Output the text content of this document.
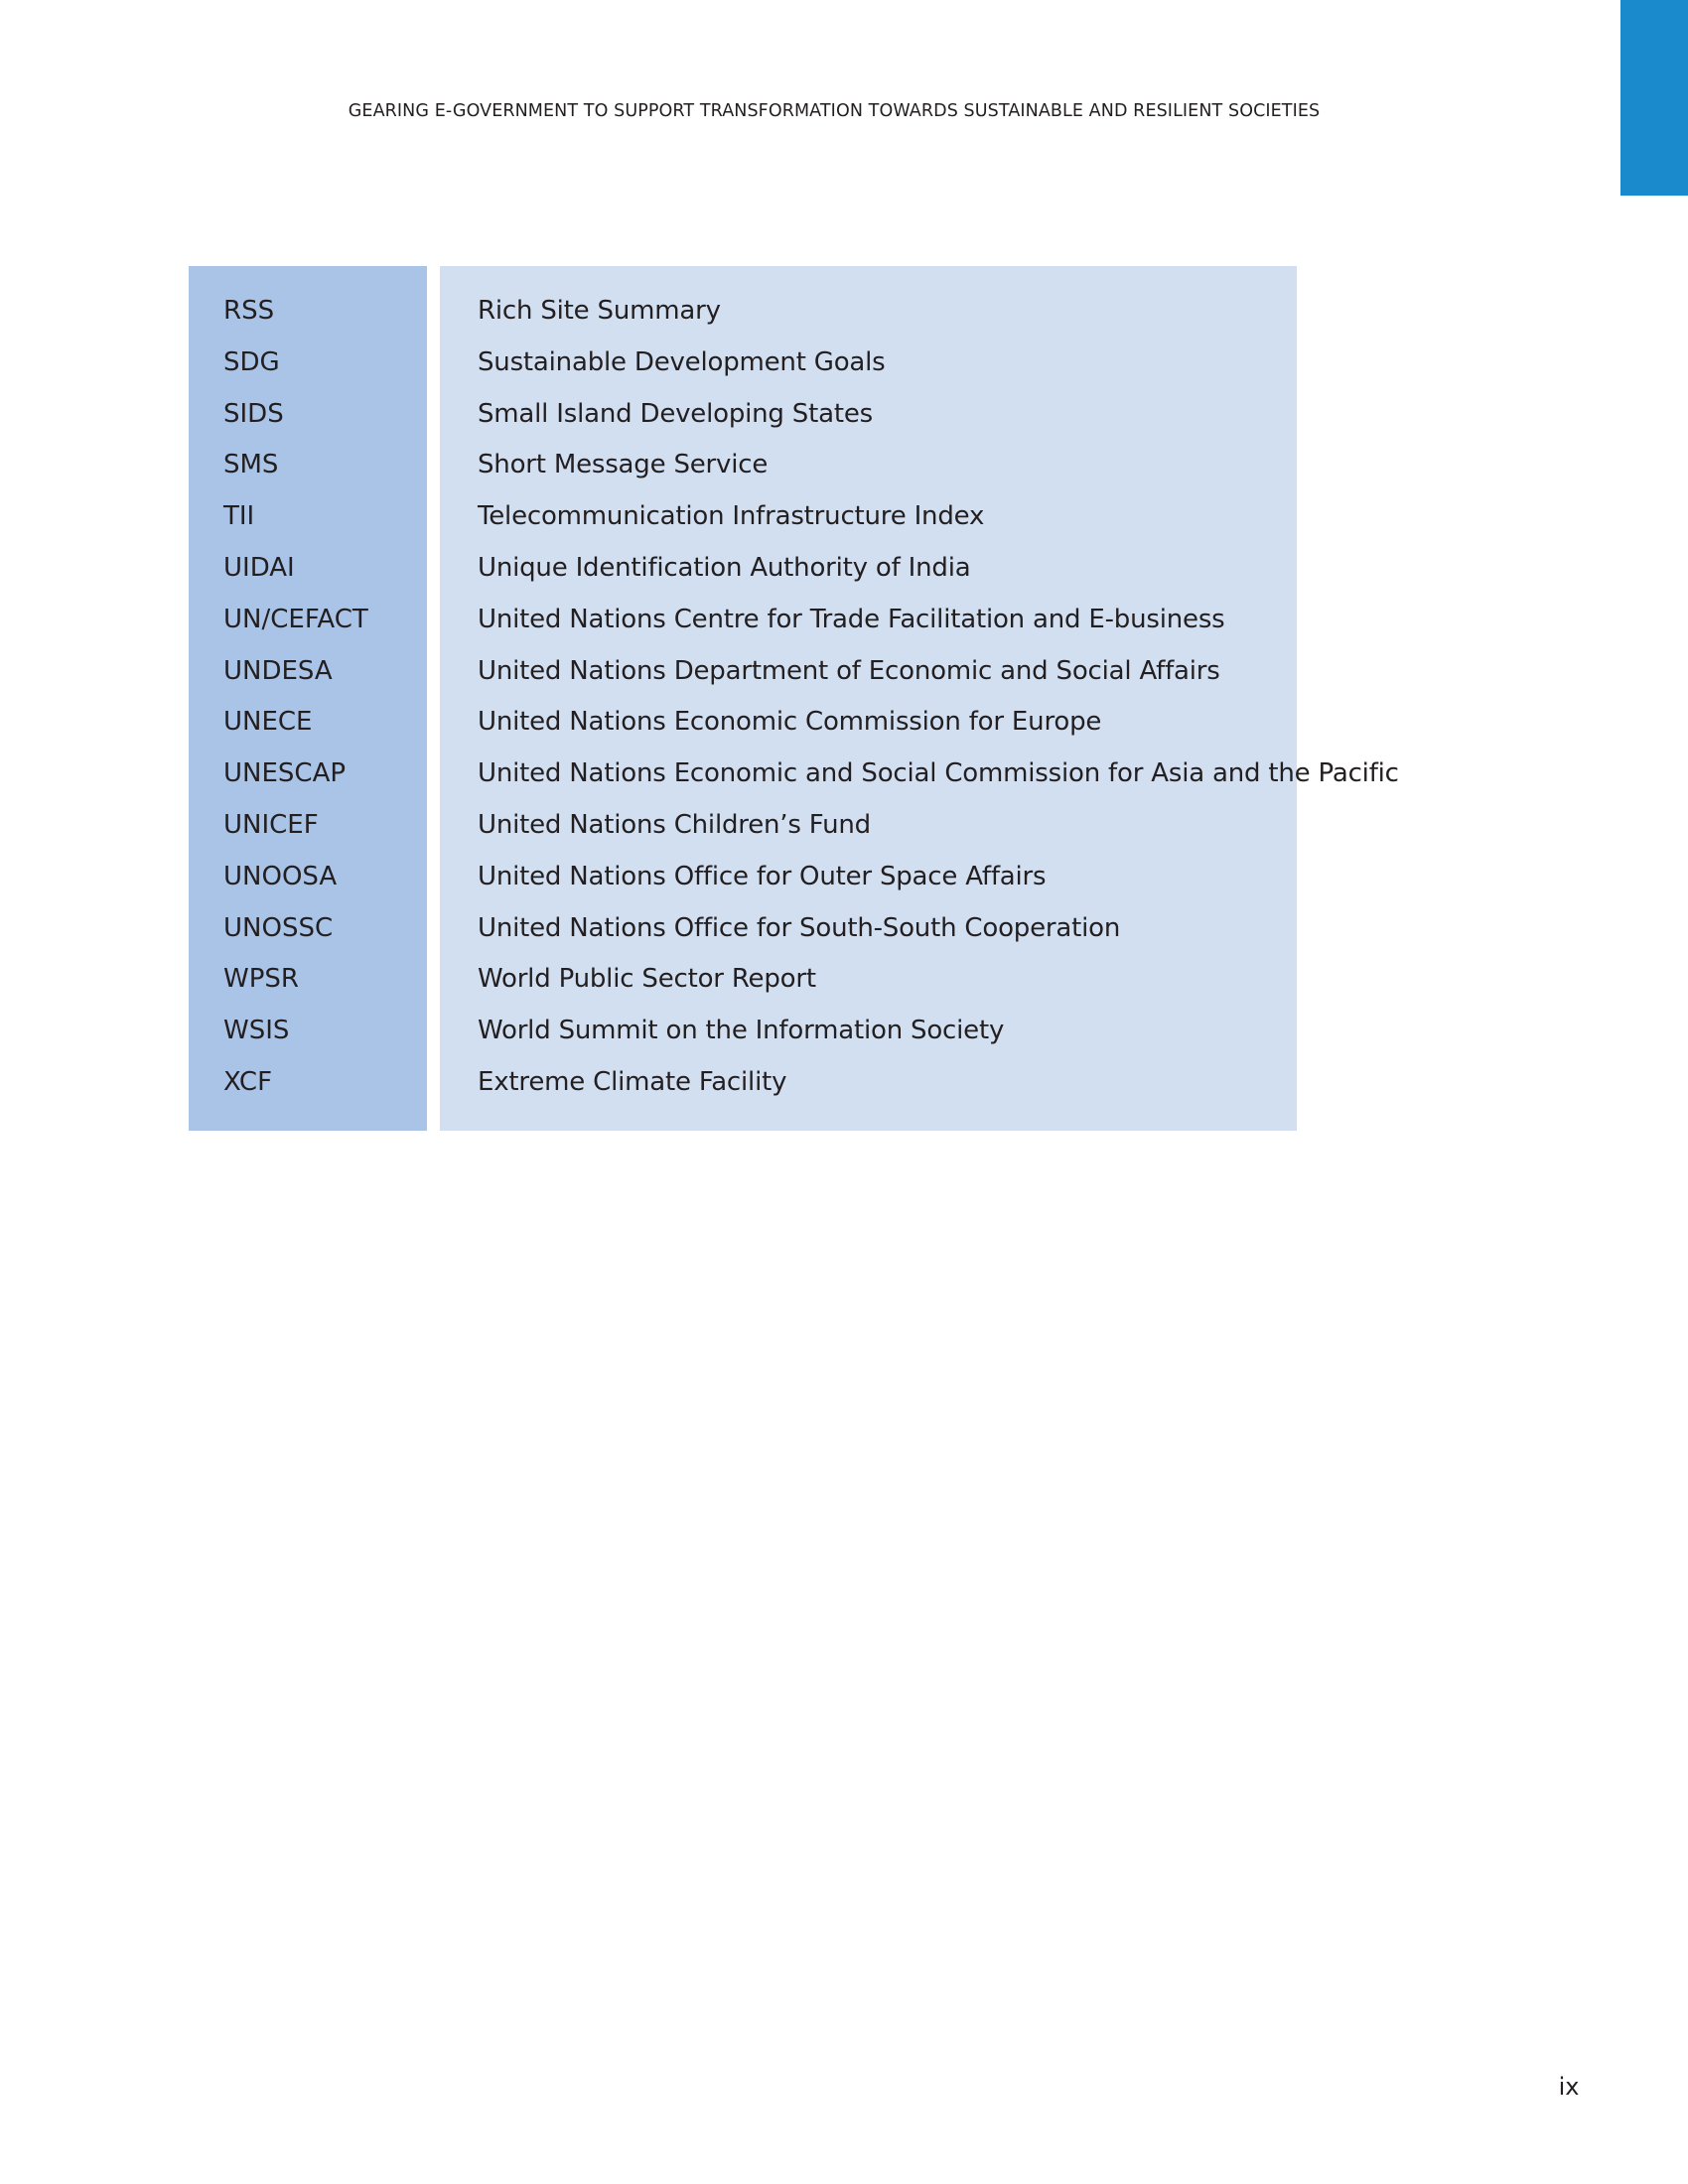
GEARING E-GOVERNMENT TO SUPPORT TRANSFORMATION TOWARDS SUSTAINABLE AND RESILIENT SOCIETIES
RSS	Rich Site Summary
SDG	Sustainable Development Goals
SIDS	Small Island Developing States
SMS	Short Message Service
TII	Telecommunication Infrastructure Index
UIDAI	Unique Identification Authority of India
UN/CEFACT	United Nations Centre for Trade Facilitation and E-business
UNDESA	United Nations Department of Economic and Social Affairs
UNECE	United Nations Economic Commission for Europe
UNESCAP	United Nations Economic and Social Commission for Asia and the Pacific
UNICEF	United Nations Children’s Fund
UNOOSA	United Nations Office for Outer Space Affairs
UNOSSC	United Nations Office for South-South Cooperation
WPSR	World Public Sector Report
WSIS	World Summit on the Information Society
XCF	Extreme Climate Facility
ix
